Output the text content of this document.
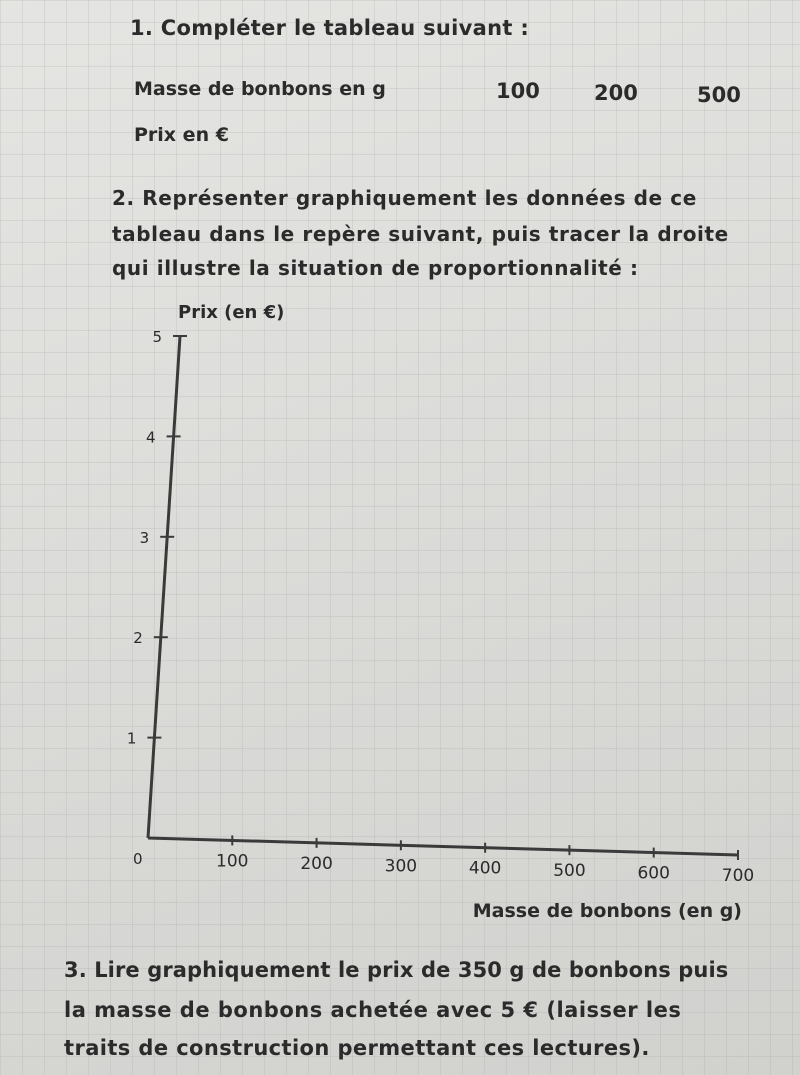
1. Compléter le tableau suivant :
Masse de bonbons en g	100	200	500
Prix en €
2. Représenter graphiquement les données de ce
tableau dans le repère suivant, puis tracer la droite
qui illustre la situation de proportionnalité :
Prix (en €)
Masse de bonbons (en g)
0	100	200	300	400	500	600	700
1
2
3
4
5
3. Lire graphiquement le prix de 350 g de bonbons puis
la masse de bonbons achetée avec 5 € (laisser les
traits de construction permettant ces lectures).
